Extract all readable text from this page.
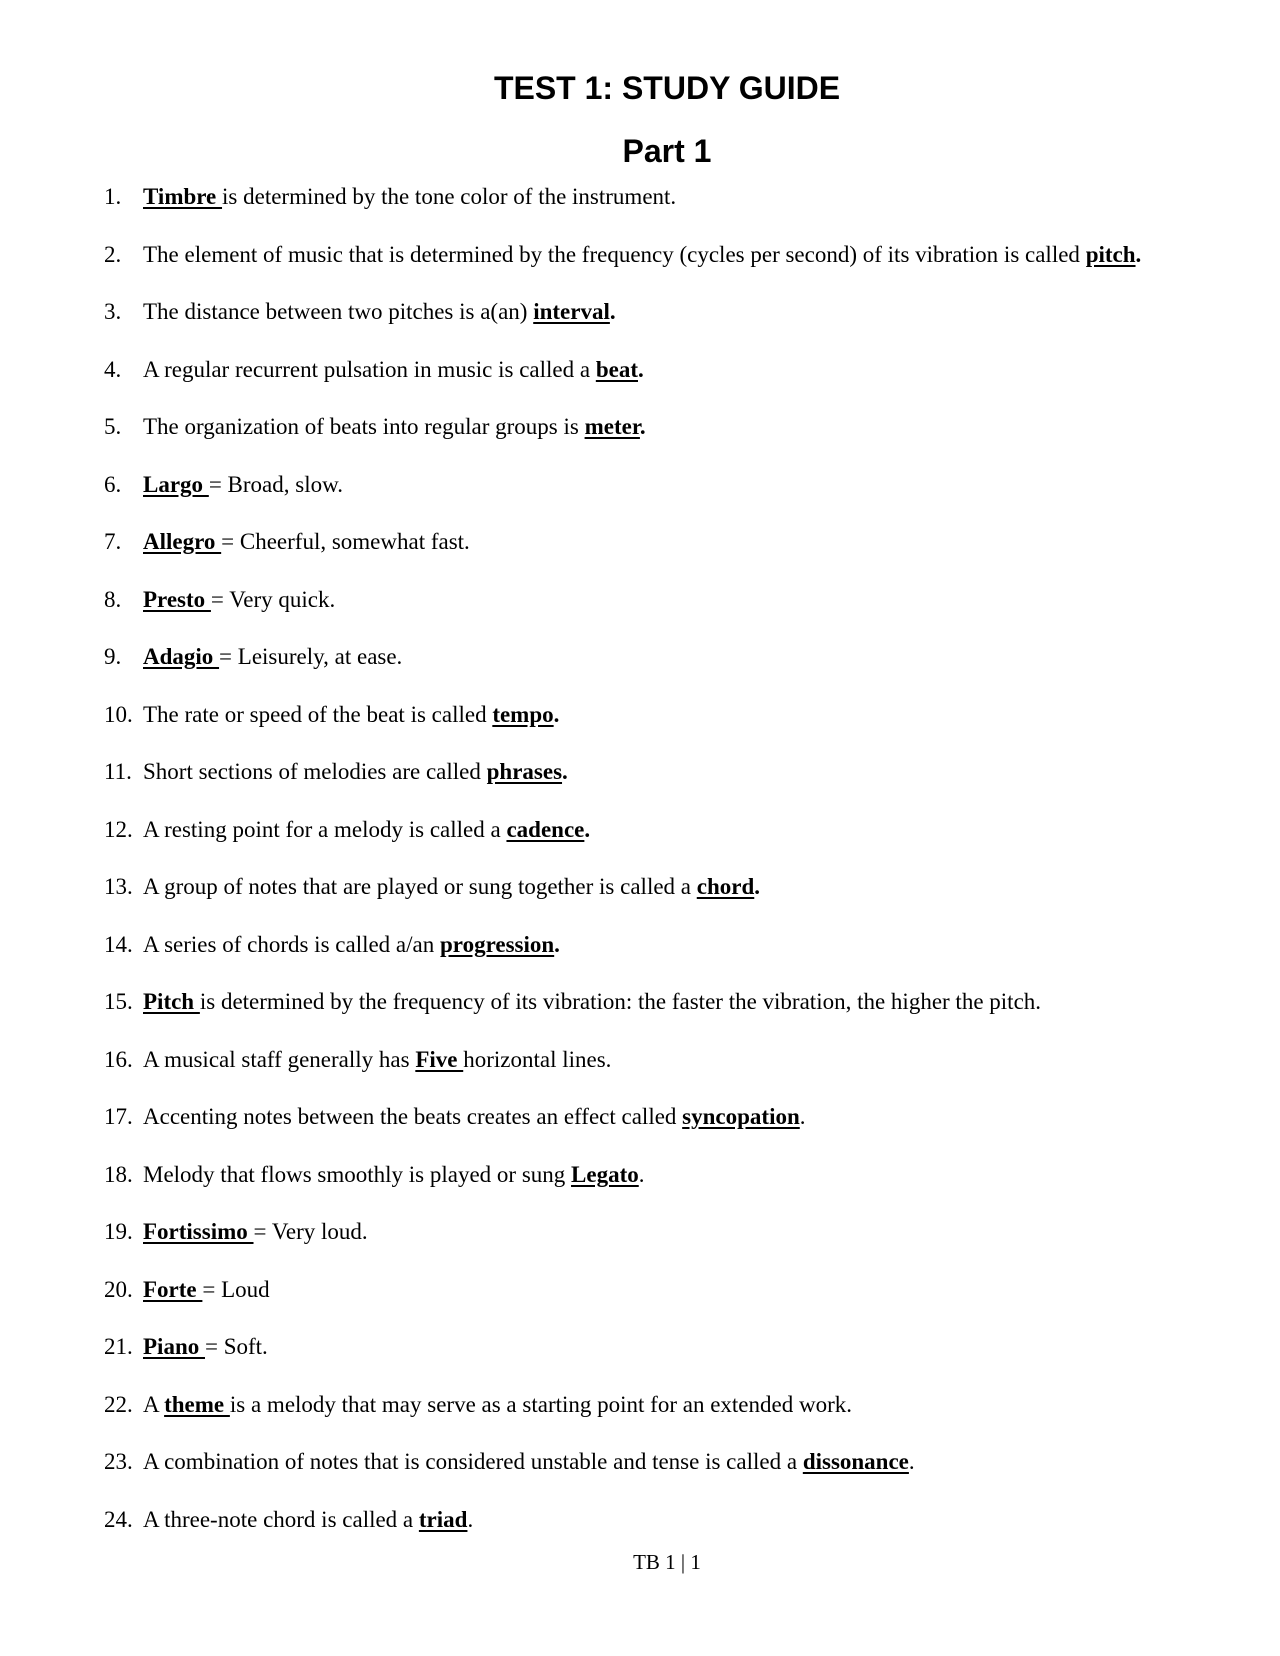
TEST 1: STUDY GUIDE
Part 1
1. Timbre is determined by the tone color of the instrument.
2. The element of music that is determined by the frequency (cycles per second) of its vibration is called pitch.
3. The distance between two pitches is a(an) interval.
4. A regular recurrent pulsation in music is called a beat.
5. The organization of beats into regular groups is meter.
6. Largo = Broad, slow.
7. Allegro = Cheerful, somewhat fast.
8. Presto = Very quick.
9. Adagio = Leisurely, at ease.
10. The rate or speed of the beat is called tempo.
11. Short sections of melodies are called phrases.
12. A resting point for a melody is called a cadence.
13. A group of notes that are played or sung together is called a chord.
14. A series of chords is called a/an progression.
15. Pitch is determined by the frequency of its vibration: the faster the vibration, the higher the pitch.
16. A musical staff generally has Five horizontal lines.
17. Accenting notes between the beats creates an effect called syncopation.
18. Melody that flows smoothly is played or sung Legato.
19. Fortissimo = Very loud.
20. Forte = Loud
21. Piano = Soft.
22. A theme is a melody that may serve as a starting point for an extended work.
23. A combination of notes that is considered unstable and tense is called a dissonance.
24. A three-note chord is called a triad.
TB 1 | 1
